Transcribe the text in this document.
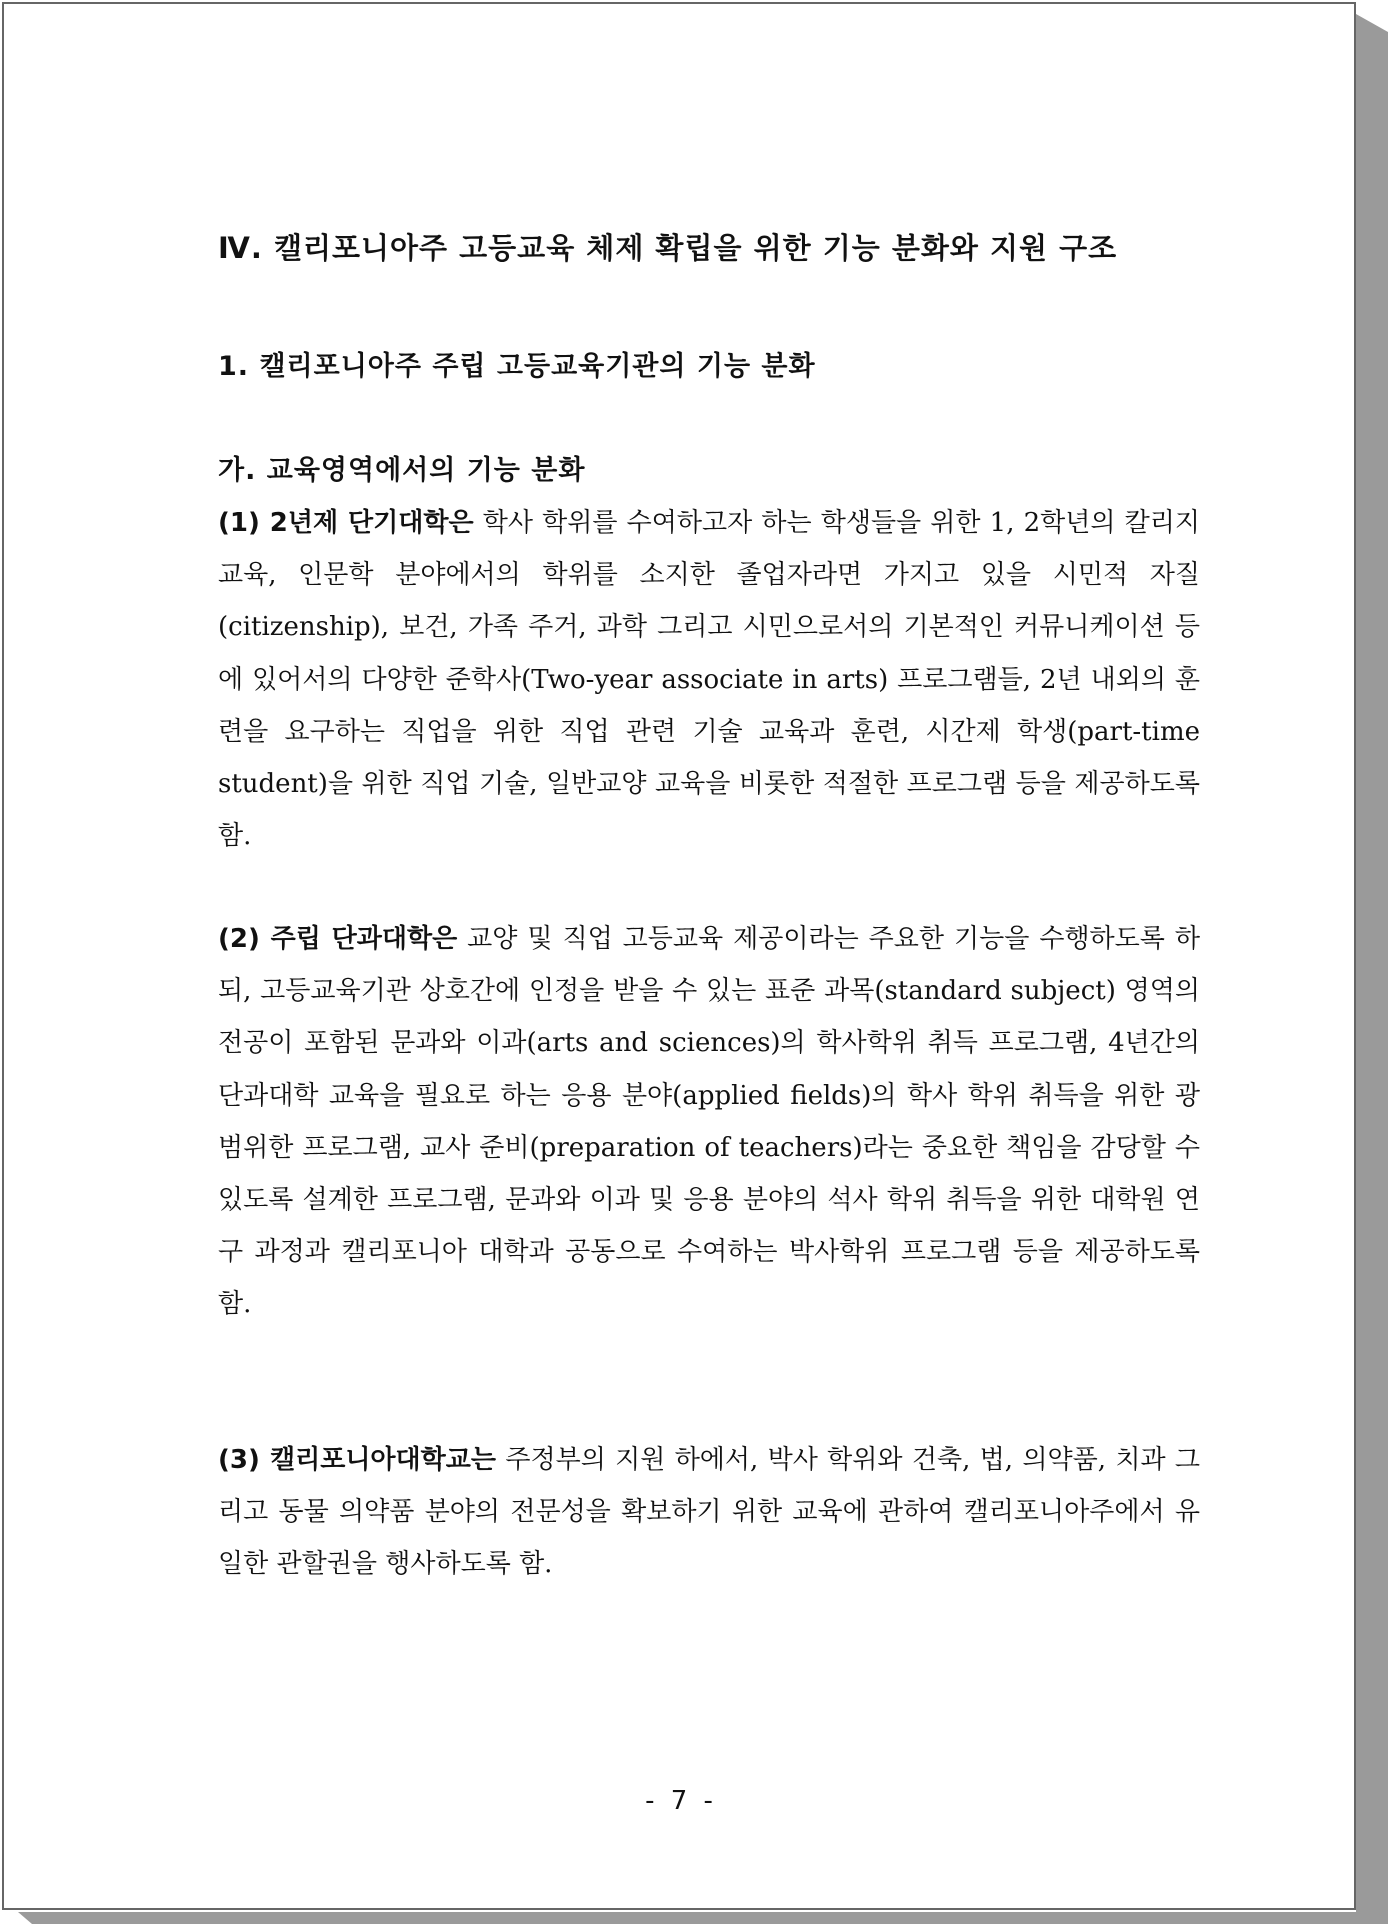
Ⅳ. 캘리포니아주 고등교육 체제 확립을 위한 기능 분화와 지원 구조
1. 캘리포니아주 주립 고등교육기관의 기능 분화
가. 교육영역에서의 기능 분화

(1) 2년제 단기대학은 학사 학위를 수여하고자 하는 학생들을 위한 1, 2학년의 칼리지 교육, 인문학 분야에서의 학위를 소지한 졸업자라면 가지고 있을 시민적 자질(citizenship), 보건, 가족 주거, 과학 그리고 시민으로서의 기본적인 커뮤니케이션 등에 있어서의 다양한 준학사(Two-year associate in arts) 프로그램들, 2년 내외의 훈련을 요구하는 직업을 위한 직업 관련 기술 교육과 훈련, 시간제 학생(part-time student)을 위한 직업 기술, 일반교양 교육을 비롯한 적절한 프로그램 등을 제공하도록 함.

(2) 주립 단과대학은 교양 및 직업 고등교육 제공이라는 주요한 기능을 수행하도록 하되, 고등교육기관 상호간에 인정을 받을 수 있는 표준 과목(standard subject) 영역의 전공이 포함된 문과와 이과(arts and sciences)의 학사학위 취득 프로그램, 4년간의 단과대학 교육을 필요로 하는 응용 분야(applied fields)의 학사 학위 취득을 위한 광범위한 프로그램, 교사 준비(preparation of teachers)라는 중요한 책임을 감당할 수 있도록 설계한 프로그램, 문과와 이과 및 응용 분야의 석사 학위 취득을 위한 대학원 연구 과정과 캘리포니아 대학과 공동으로 수여하는 박사학위 프로그램 등을 제공하도록 함.

(3) 캘리포니아대학교는 주정부의 지원 하에서, 박사 학위와 건축, 법, 의약품, 치과 그리고 동물 의약품 분야의 전문성을 확보하기 위한 교육에 관하여 캘리포니아주에서 유일한 관할권을 행사하도록 함.

- 7 -
